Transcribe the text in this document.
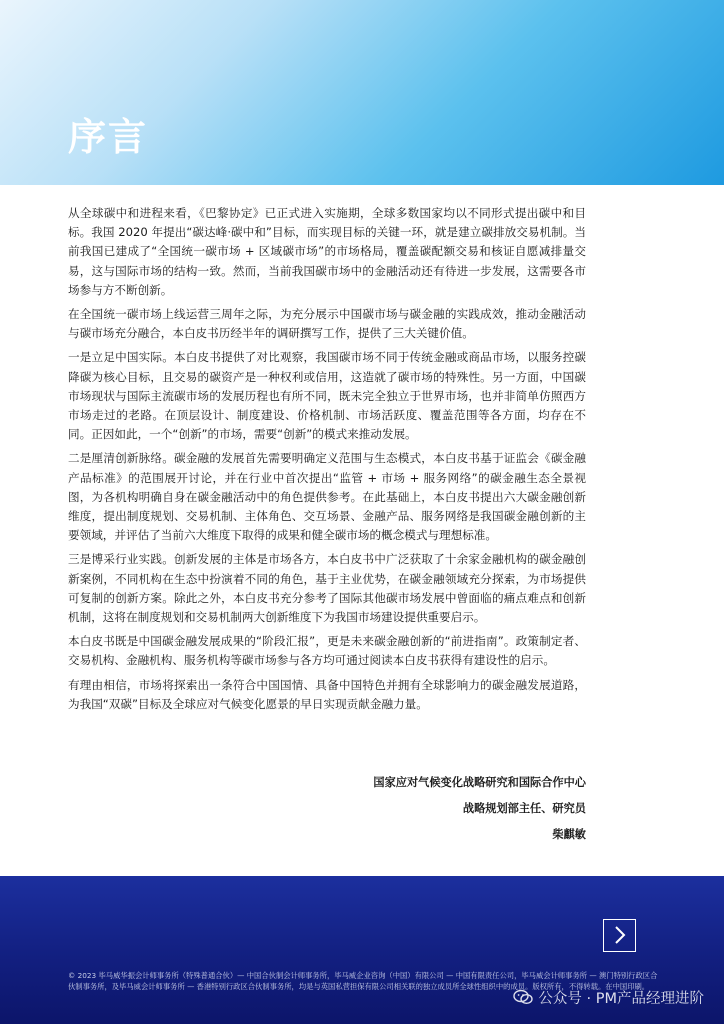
序言

从全球碳中和进程来看，《巴黎协定》已正式进入实施期，全球多数国家均以不同形式提出碳中和目标。我国 2020 年提出“碳达峰·碳中和”目标，而实现目标的关键一环，就是建立碳排放交易机制。当前我国已建成了“全国统一碳市场 + 区域碳市场”的市场格局，覆盖碳配额交易和核证自愿减排量交易，这与国际市场的结构一致。然而，当前我国碳市场中的金融活动还有待进一步发展，这需要各市场参与方不断创新。

在全国统一碳市场上线运营三周年之际，为充分展示中国碳市场与碳金融的实践成效，推动金融活动与碳市场充分融合，本白皮书历经半年的调研撰写工作，提供了三大关键价值。

一是立足中国实际。本白皮书提供了对比观察，我国碳市场不同于传统金融或商品市场，以服务控碳降碳为核心目标，且交易的碳资产是一种权利或信用，这造就了碳市场的特殊性。另一方面，中国碳市场现状与国际主流碳市场的发展历程也有所不同，既未完全独立于世界市场，也并非简单仿照西方市场走过的老路。在顶层设计、制度建设、价格机制、市场活跃度、覆盖范围等各方面，均存在不同。正因如此，一个“创新”的市场，需要“创新”的模式来推动发展。

二是厘清创新脉络。碳金融的发展首先需要明确定义范围与生态模式，本白皮书基于证监会《碳金融产品标准》的范围展开讨论，并在行业中首次提出“监管 + 市场 + 服务网络”的碳金融生态全景视图，为各机构明确自身在碳金融活动中的角色提供参考。在此基础上，本白皮书提出六大碳金融创新维度，提出制度规划、交易机制、主体角色、交互场景、金融产品、服务网络是我国碳金融创新的主要领域，并评估了当前六大维度下取得的成果和健全碳市场的概念模式与理想标准。

三是博采行业实践。创新发展的主体是市场各方，本白皮书中广泛获取了十余家金融机构的碳金融创新案例，不同机构在生态中扮演着不同的角色，基于主业优势，在碳金融领域充分探索，为市场提供可复制的创新方案。除此之外，本白皮书充分参考了国际其他碳市场发展中曾面临的痛点难点和创新机制，这将在制度规划和交易机制两大创新维度下为我国市场建设提供重要启示。

本白皮书既是中国碳金融发展成果的“阶段汇报”，更是未来碳金融创新的“前进指南”。政策制定者、交易机构、金融机构、服务机构等碳市场参与各方均可通过阅读本白皮书获得有建设性的启示。

有理由相信，市场将探索出一条符合中国国情、具备中国特色并拥有全球影响力的碳金融发展道路，为我国“双碳”目标及全球应对气候变化愿景的早日实现贡献金融力量。

国家应对气候变化战略研究和国际合作中心
战略规划部主任、研究员
柴麒敏
© 2023 毕马威华振会计师事务所（特殊普通合伙）— 中国合伙制会计师事务所，毕马威企业咨询（中国）有限公司 — 中国有限责任公司，毕马威会计师事务所 — 澳门特别行政区合伙制事务所，及毕马威会计师事务所 — 香港特别行政区合伙制事务所，均是与英国私营担保有限公司相关联的独立成员所全球性组织中的成员。版权所有，不得转载。在中国印刷。
公众号 · PM产品经理进阶
